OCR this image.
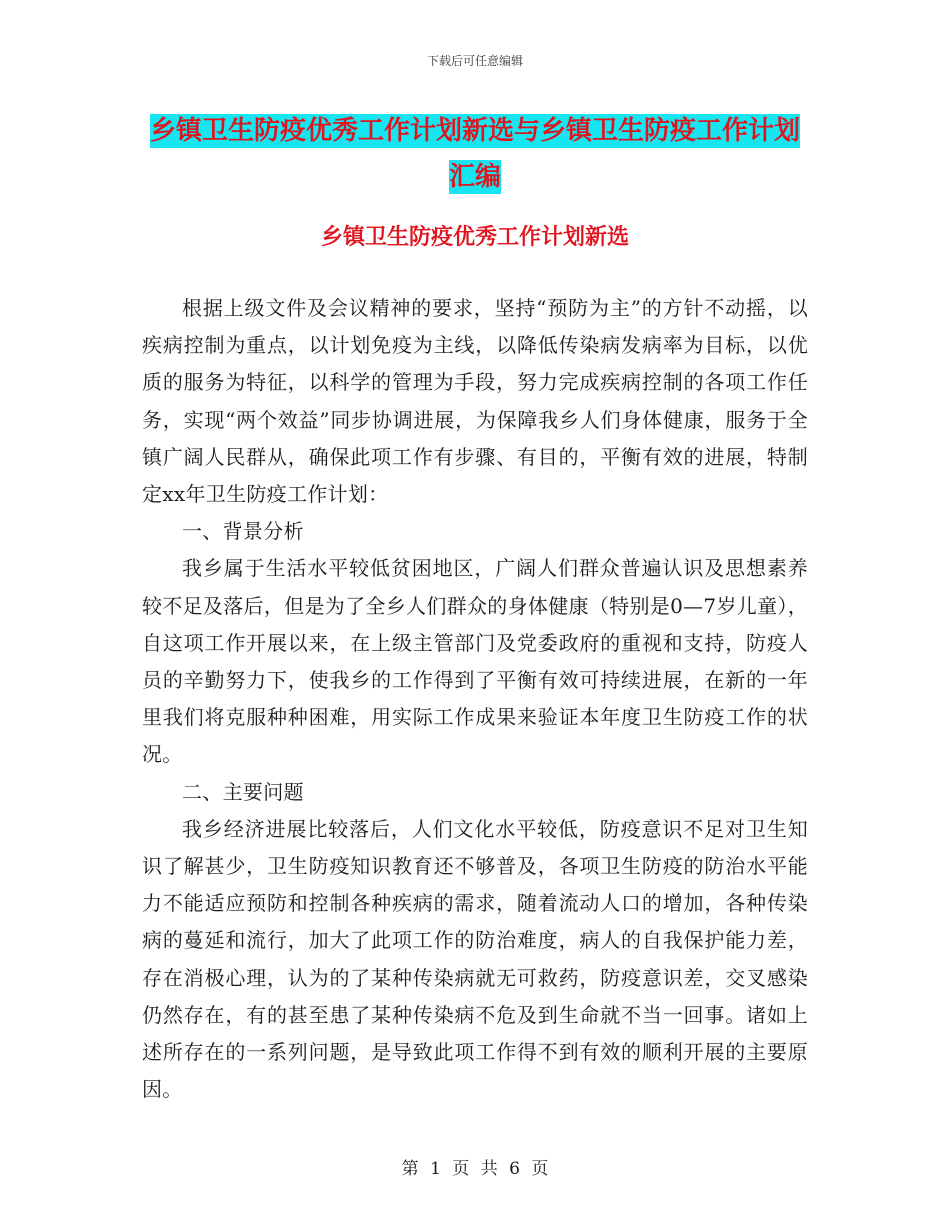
下载后可任意编辑
乡镇卫生防疫优秀工作计划新选与乡镇卫生防疫工作计划汇编
乡镇卫生防疫优秀工作计划新选

根据上级文件及会议精神的要求，坚持“预防为主”的方针不动摇，以疾病控制为重点，以计划免疫为主线，以降低传染病发病率为目标，以优质的服务为特征，以科学的管理为手段，努力完成疾病控制的各项工作任务，实现“两个效益”同步协调进展，为保障我乡人们身体健康，服务于全镇广阔人民群从，确保此项工作有步骤、有目的，平衡有效的进展，特制定xx年卫生防疫工作计划：

一、背景分析

我乡属于生活水平较低贫困地区，广阔人们群众普遍认识及思想素养较不足及落后，但是为了全乡人们群众的身体健康（特别是0—7岁儿童），自这项工作开展以来，在上级主管部门及党委政府的重视和支持，防疫人员的辛勤努力下，使我乡的工作得到了平衡有效可持续进展，在新的一年里我们将克服种种困难，用实际工作成果来验证本年度卫生防疫工作的状况。

二、主要问题

我乡经济进展比较落后，人们文化水平较低，防疫意识不足对卫生知识了解甚少，卫生防疫知识教育还不够普及，各项卫生防疫的防治水平能力不能适应预防和控制各种疾病的需求，随着流动人口的增加，各种传染病的蔓延和流行，加大了此项工作的防治难度，病人的自我保护能力差，存在消极心理，认为的了某种传染病就无可救药，防疫意识差，交叉感染仍然存在，有的甚至患了某种传染病不危及到生命就不当一回事。诸如上述所存在的一系列问题，是导致此项工作得不到有效的顺利开展的主要原因。

第 1 页 共 6 页
